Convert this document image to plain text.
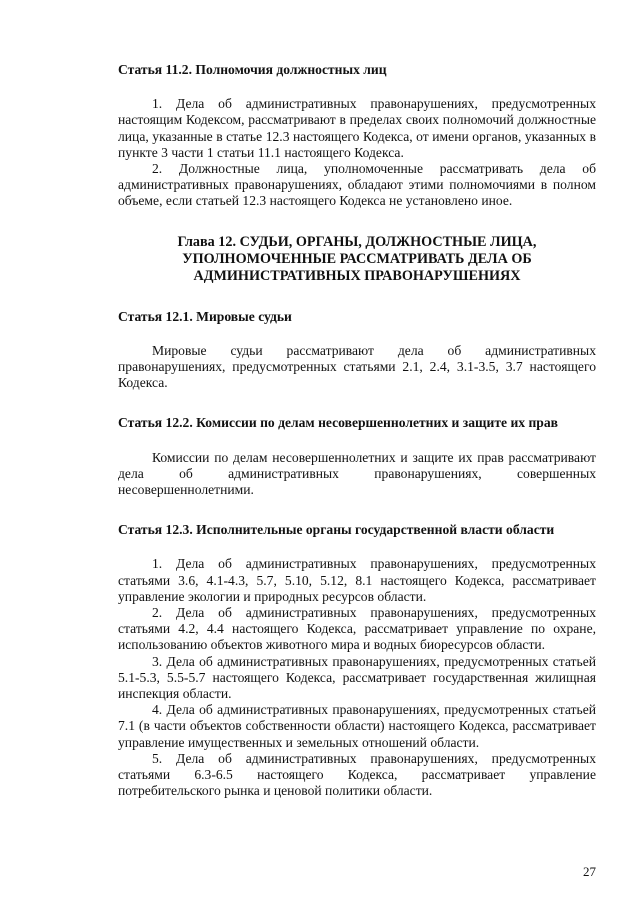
Статья 11.2. Полномочия должностных лиц

1. Дела об административных правонарушениях, предусмотренных настоящим Кодексом, рассматривают в пределах своих полномочий должностные лица, указанные в статье 12.3 настоящего Кодекса, от имени органов, указанных в пункте 3 части 1 статьи 11.1 настоящего Кодекса.

2. Должностные лица, уполномоченные рассматривать дела об административных правонарушениях, обладают этими полномочиями в полном объеме, если статьей 12.3 настоящего Кодекса не установлено иное.

Глава 12. СУДЬИ, ОРГАНЫ, ДОЛЖНОСТНЫЕ ЛИЦА,
УПОЛНОМОЧЕННЫЕ РАССМАТРИВАТЬ ДЕЛА ОБ
АДМИНИСТРАТИВНЫХ ПРАВОНАРУШЕНИЯХ
Статья 12.1. Мировые судьи

Мировые судьи рассматривают дела об административных правонарушениях, предусмотренных статьями 2.1, 2.4, 3.1-3.5, 3.7 настоящего Кодекса.

Статья 12.2. Комиссии по делам несовершеннолетних и защите их прав

Комиссии по делам несовершеннолетних и защите их прав рассматривают дела об административных правонарушениях, совершенных несовершеннолетними.

Статья 12.3. Исполнительные органы государственной власти области

1. Дела об административных правонарушениях, предусмотренных статьями 3.6, 4.1-4.3, 5.7, 5.10, 5.12, 8.1 настоящего Кодекса, рассматривает управление экологии и природных ресурсов области.

2. Дела об административных правонарушениях, предусмотренных статьями 4.2, 4.4 настоящего Кодекса, рассматривает управление по охране, использованию объектов животного мира и водных биоресурсов области.

3. Дела об административных правонарушениях, предусмотренных статьей 5.1-5.3, 5.5-5.7 настоящего Кодекса, рассматривает государственная жилищная инспекция области.

4. Дела об административных правонарушениях, предусмотренных статьей 7.1 (в части объектов собственности области) настоящего Кодекса, рассматривает управление имущественных и земельных отношений области.

5. Дела об административных правонарушениях, предусмотренных статьями 6.3-6.5 настоящего Кодекса, рассматривает управление потребительского рынка и ценовой политики области.

27
